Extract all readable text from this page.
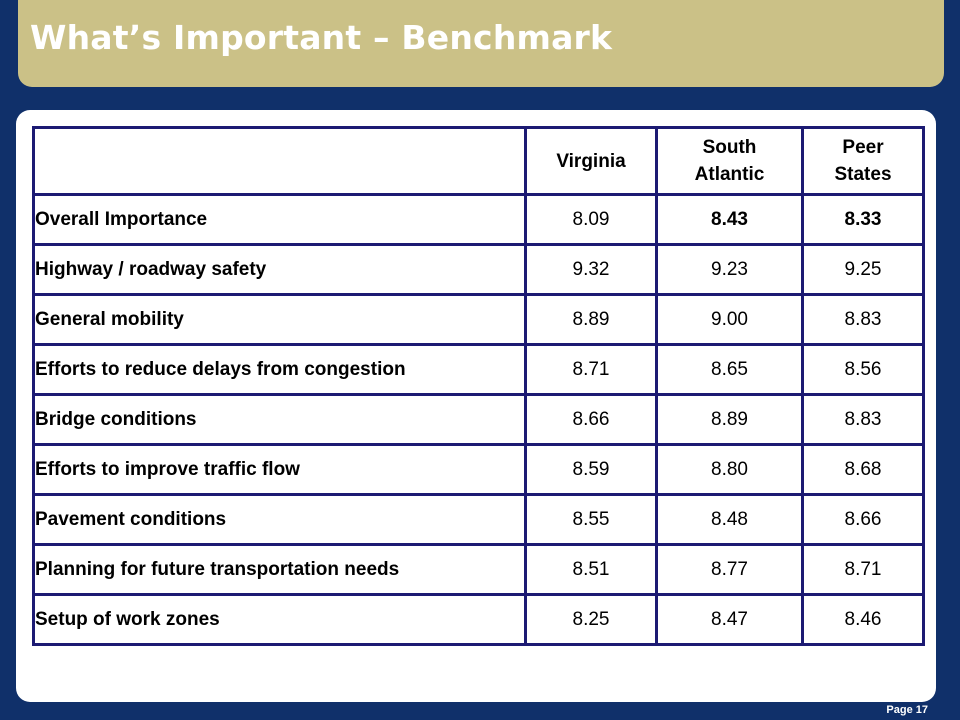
What’s Important – Benchmark
	Virginia	South Atlantic	Peer States
Overall Importance	8.09	8.43	8.33
Highway / roadway safety	9.32	9.23	9.25
General mobility	8.89	9.00	8.83
Efforts to reduce delays from congestion	8.71	8.65	8.56
Bridge conditions	8.66	8.89	8.83
Efforts to improve traffic flow	8.59	8.80	8.68
Pavement conditions	8.55	8.48	8.66
Planning for future transportation needs	8.51	8.77	8.71
Setup of work zones	8.25	8.47	8.46
Page 17
